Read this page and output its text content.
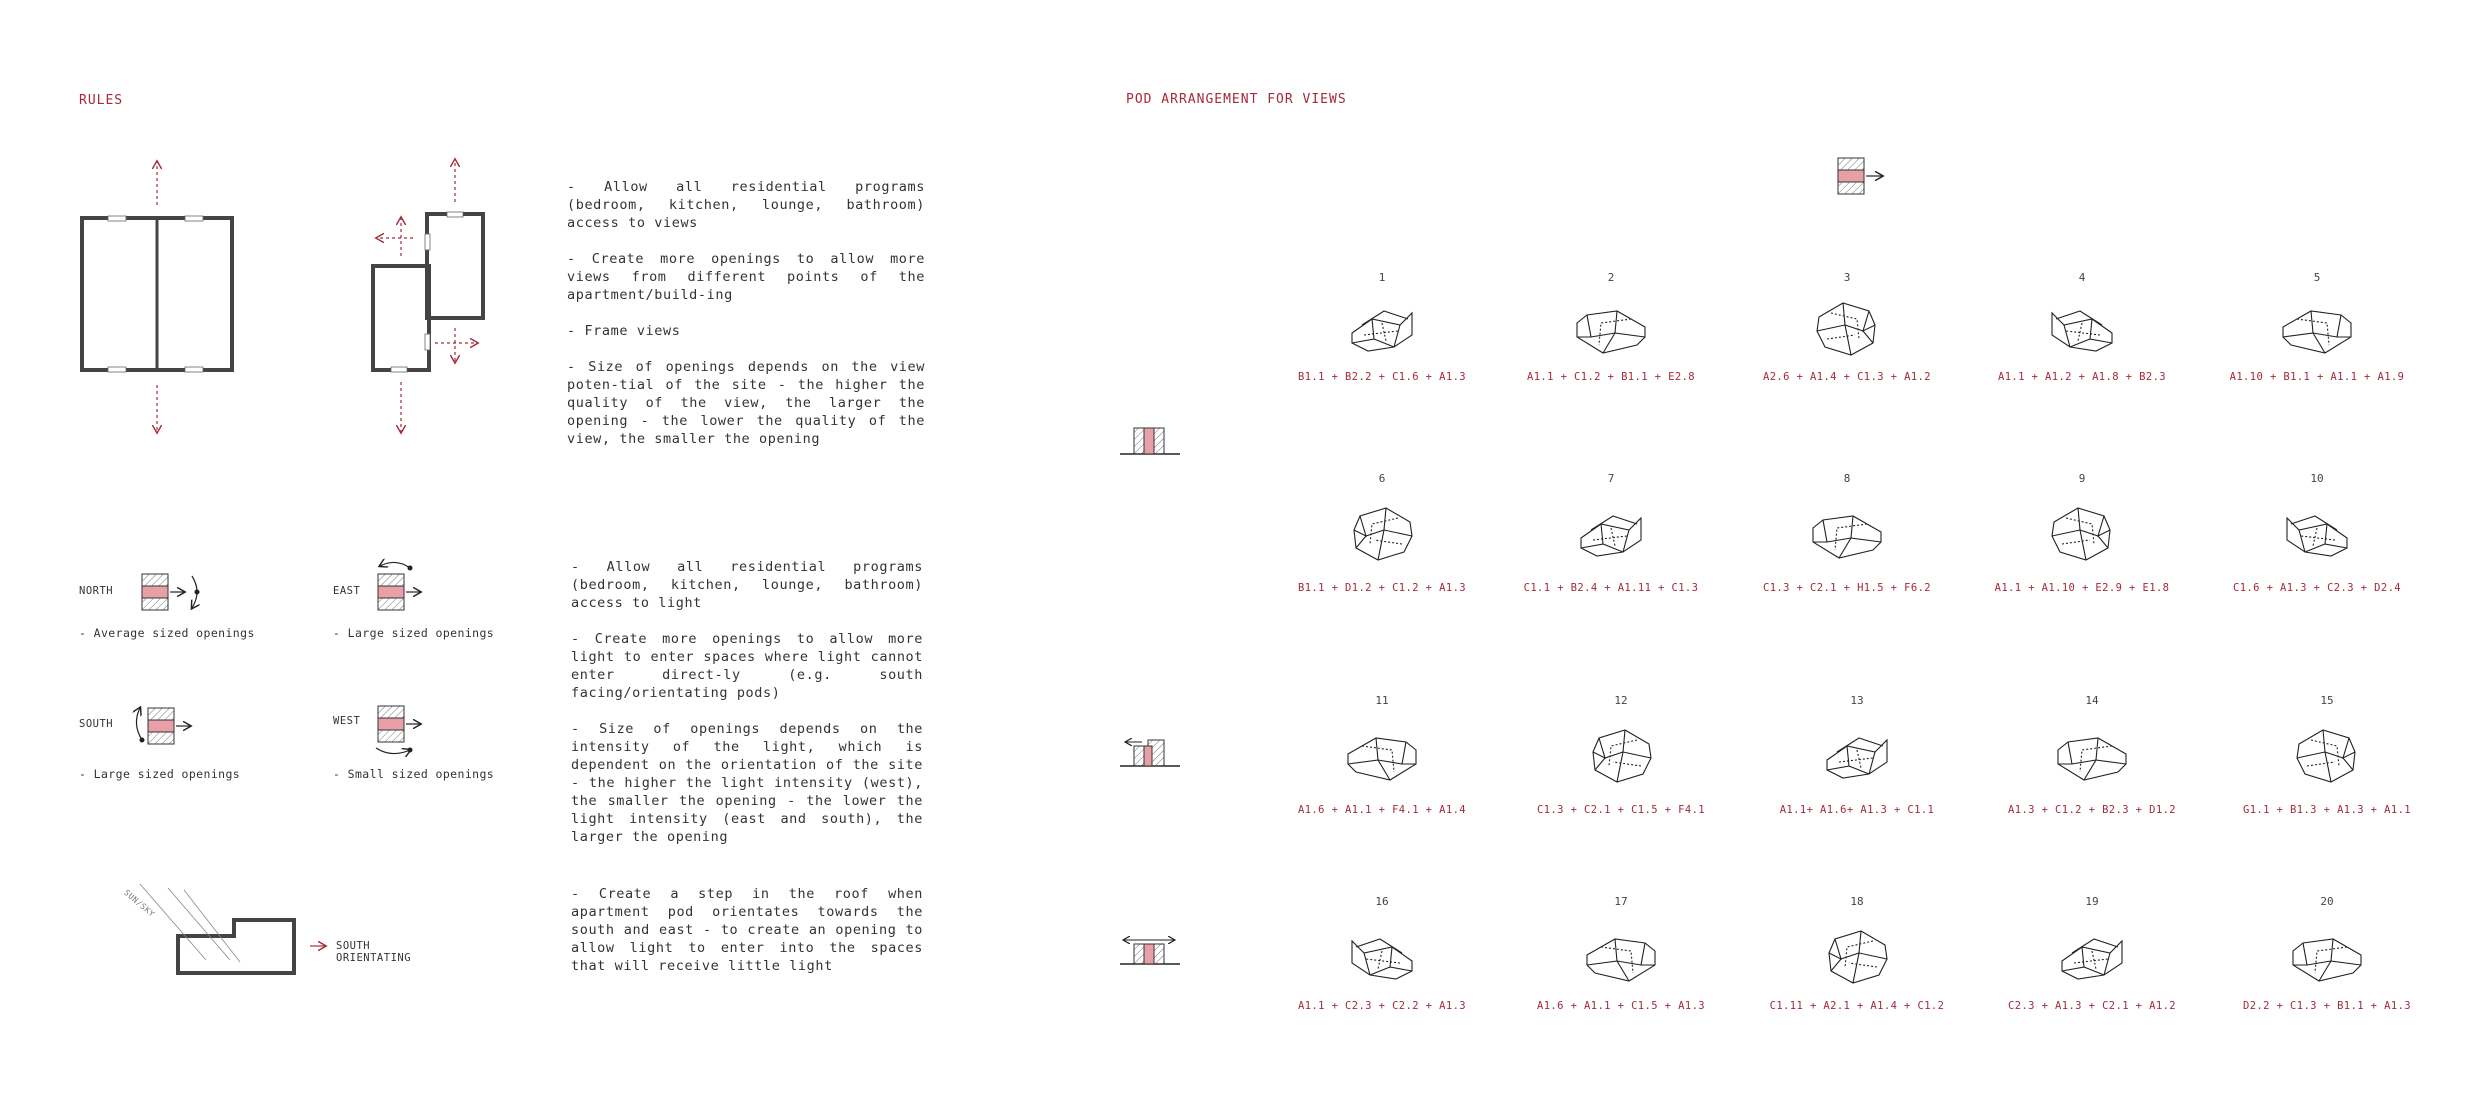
RULES
- Allow all residential programs (bedroom, kitchen, lounge, bathroom) access to views
- Create more openings to allow more views from different points of the apartment/build-ing
- Frame views
- Size of openings depends on the view poten-tial of the site - the higher the quality of the view, the larger the opening - the lower the quality of the view, the smaller the opening
NORTH
- Average sized openings
EAST
- Large sized openings
SOUTH
- Large sized openings
WEST
- Small sized openings
- Allow all residential programs (bedroom, kitchen, lounge, bathroom) access to light
- Create more openings to allow more light to enter spaces where light cannot enter direct-ly (e.g. south facing/orientating pods)
- Size of openings depends on the intensity of the light, which is dependent on the orientation of the site - the higher the light intensity (west), the smaller the opening - the lower the light intensity (east and south), the larger the opening
SUN/SKY
SOUTH
ORIENTATING
- Create a step in the roof when apartment pod orientates towards the south and east - to create an opening to allow light to enter into the spaces that will receive little light
POD ARRANGEMENT FOR VIEWS
1
B1.1 + B2.2 + C1.6 + A1.3
2
A1.1 + C1.2 + B1.1 + E2.8
3
A2.6 + A1.4 + C1.3 + A1.2
4
A1.1 + A1.2 + A1.8 + B2.3
5
A1.10 + B1.1 + A1.1 + A1.9
6
B1.1 + D1.2 + C1.2 + A1.3
7
C1.1 + B2.4 + A1.11 + C1.3
8
C1.3 + C2.1 + H1.5 + F6.2
9
A1.1 + A1.10 + E2.9 + E1.8
10
C1.6 + A1.3 + C2.3 + D2.4
11
A1.6 + A1.1 + F4.1 + A1.4
12
C1.3 + C2.1 + C1.5 + F4.1
13
A1.1+ A1.6+ A1.3 + C1.1
14
A1.3 + C1.2 + B2.3 + D1.2
15
G1.1 + B1.3 + A1.3 + A1.1
16
A1.1 + C2.3 + C2.2 + A1.3
17
A1.6 + A1.1 + C1.5 + A1.3
18
C1.11 + A2.1 + A1.4 + C1.2
19
C2.3 + A1.3 + C2.1 + A1.2
20
D2.2 + C1.3 + B1.1 + A1.3
